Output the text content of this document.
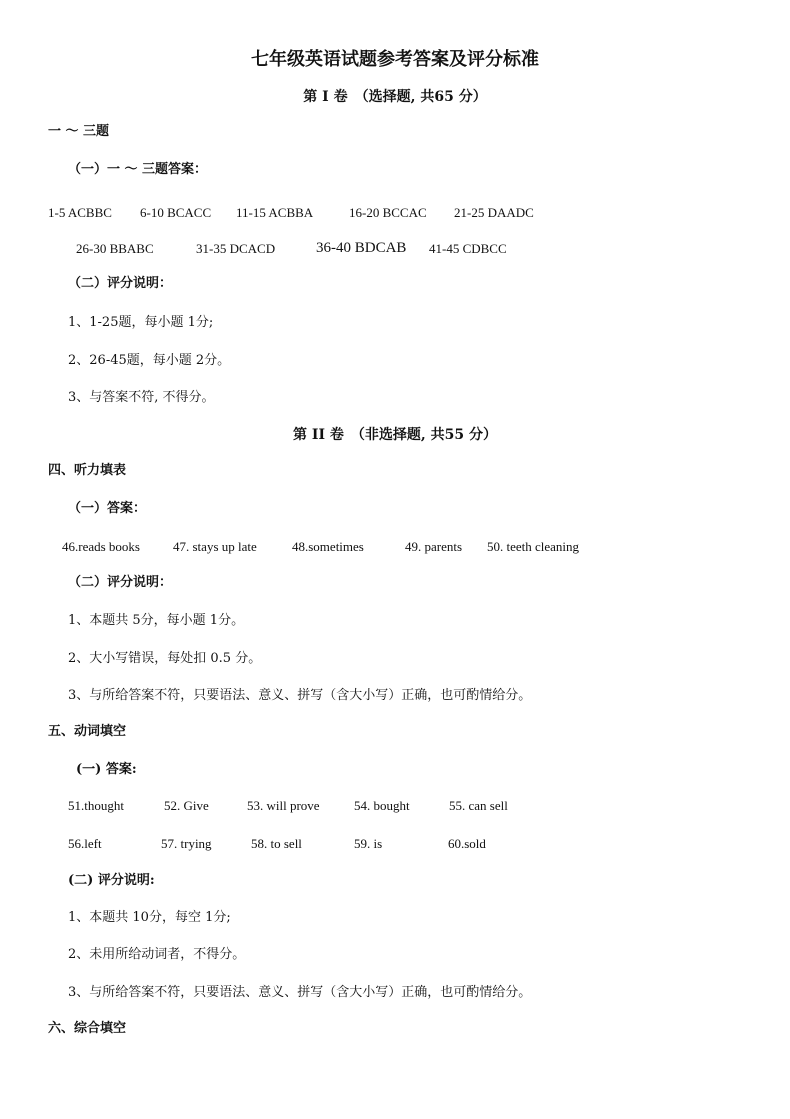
七年级英语试题参考答案及评分标准
第 I 卷　（选择题, 共65 分）
一 ～ 三题
（一）一 ～ 三题答案：
1-5 ACBBC 6-10 BCACC 11-15 ACBBA	16-20 BCCAC 21-25 DAADC
26-30 BBABC	31-35 DCACD	36-40 BDCAB 41-45 CDBCC
（二）评分说明：
1、1-25题，每小题 1分;
2、26-45题，每小题 2分。
3、与答案不符, 不得分。
第 II 卷　（非选择题, 共55 分）
四、听力填表
（一）答案：
46.reads books	47. stays up late	48.sometimes	49. parents 50. teeth cleaning
（二）评分说明：
1、本题共 5分，每小题 1分。
2、大小写错误，每处扣 0.5 分。
3、与所给答案不符，只要语法、意义、拼写（含大小写）正确，也可酌情给分。
五、动词填空
(一) 答案:
51.thought	52. Give	53. will prove	54. bought	55. can sell
56.left	57. trying	58. to sell	59. is	60.sold
(二) 评分说明:
1、本题共 10分，每空 1分;
2、未用所给动词者，不得分。
3、与所给答案不符，只要语法、意义、拼写（含大小写）正确，也可酌情给分。
六、综合填空
